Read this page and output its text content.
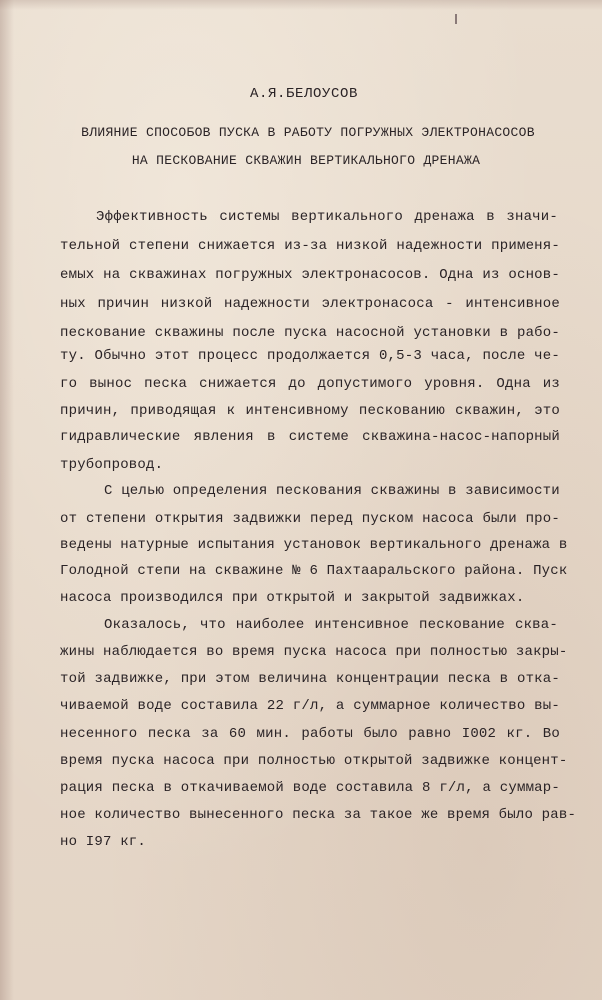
А.Я.БЕЛОУСОВ
ВЛИЯНИЕ СПОСОБОВ ПУСКА В РАБОТУ ПОГРУЖНЫХ ЭЛЕКТРОНАСОСОВ
НА ПЕСКОВАНИЕ СКВАЖИН ВЕРТИКАЛЬНОГО ДРЕНАЖА
Эффективность системы вертикального дренажа в значи-
тельной степени снижается из-за низкой надежности применя-
емых на скважинах погружных электронасосов. Одна из основ-
ных причин низкой надежности электронасоса - интенсивное
пескование скважины после пуска насосной установки в рабо-
ту. Обычно этот процесс продолжается 0,5-3 часа, после че-
го вынос песка снижается до допустимого уровня. Одна из
причин, приводящая к интенсивному пескованию скважин, это
гидравлические явления в системе скважина-насос-напорный
трубопровод.
С целью определения пескования скважины в зависимости
от степени открытия задвижки перед пуском насоса были про-
ведены натурные испытания установок вертикального дренажа в
Голодной степи на скважине № 6 Пахтааральского района. Пуск
насоса производился при открытой и закрытой задвижках.
Оказалось, что наиболее интенсивное пескование сква-
жины наблюдается во время пуска насоса при полностью закры-
той задвижке, при этом величина концентрации песка в отка-
чиваемой воде составила 22 г/л, а суммарное количество вы-
несенного песка за 60 мин. работы было равно I002 кг. Во
время пуска насоса при полностью открытой задвижке концент-
рация песка в откачиваемой воде составила 8 г/л, а суммар-
ное количество вынесенного песка за такое же время было рав-
но I97 кг.
